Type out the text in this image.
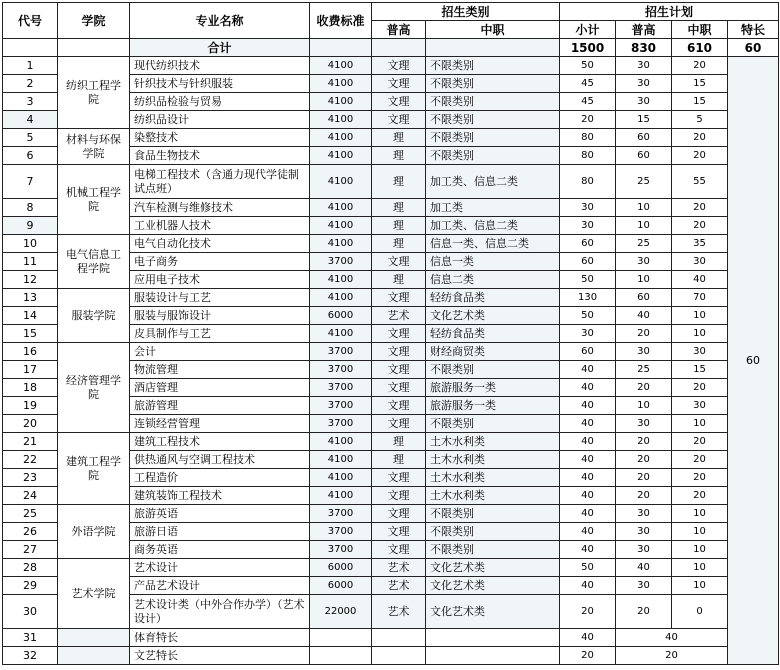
代号	学院	专业名称	收费标准	招生类别		招生计划			
				普高	中职	小计	普高	中职	特长
		合计				1500	830	610	60
1	纺织工程学院	现代纺织技术	4100	文理	不限类别	50	30	20	60
2		针织技术与针织服装	4100	文理	不限类别	45	30	15	
3		纺织品检验与贸易	4100	文理	不限类别	45	30	15	
4		纺织品设计	4100	文理	不限类别	20	15	5	
5	材料与环保学院	染整技术	4100	理	不限类别	80	60	20	
6		食品生物技术	4100	理	不限类别	80	60	20	
7	机械工程学院	电梯工程技术（含通力现代学徒制试点班）	4100	理	加工类、信息二类	80	25	55	
8		汽车检测与维修技术	4100	理	加工类	30	10	20	
9		工业机器人技术	4100	理	加工类、信息二类	30	10	20	
10	电气信息工程学院	电气自动化技术	4100	理	信息一类、信息二类	60	25	35	
11		电子商务	3700	文理	信息一类	60	30	30	
12		应用电子技术	4100	理	信息二类	50	10	40	
13	服装学院	服装设计与工艺	4100	文理	轻纺食品类	130	60	70	
14		服装与服饰设计	6000	艺术	文化艺术类	50	40	10	
15		皮具制作与工艺	4100	文理	轻纺食品类	30	20	10	
16	经济管理学院	会计	3700	文理	财经商贸类	60	30	30	
17		物流管理	3700	文理	不限类别	40	25	15	
18		酒店管理	3700	文理	旅游服务一类	40	20	20	
19		旅游管理	3700	文理	旅游服务一类	40	10	30	
20		连锁经营管理	3700	文理	不限类别	40	30	10	
21	建筑工程学院	建筑工程技术	4100	理	土木水利类	40	20	20	
22		供热通风与空调工程技术	4100	理	土木水利类	40	20	20	
23		工程造价	4100	文理	土木水利类	40	20	20	
24		建筑装饰工程技术	4100	文理	土木水利类	40	20	20	
25	外语学院	旅游英语	3700	文理	不限类别	40	30	10	
26		旅游日语	3700	文理	不限类别	40	30	10	
27		商务英语	3700	文理	不限类别	40	30	10	
28	艺术学院	艺术设计	6000	艺术	文化艺术类	50	40	10	
29		产品艺术设计	6000	艺术	文化艺术类	40	30	10	
30		艺术设计类（中外合作办学）（艺术设计）	22000	艺术	文化艺术类	20	20	0	
31		体育特长				40	40		
32		文艺特长				20	20		
